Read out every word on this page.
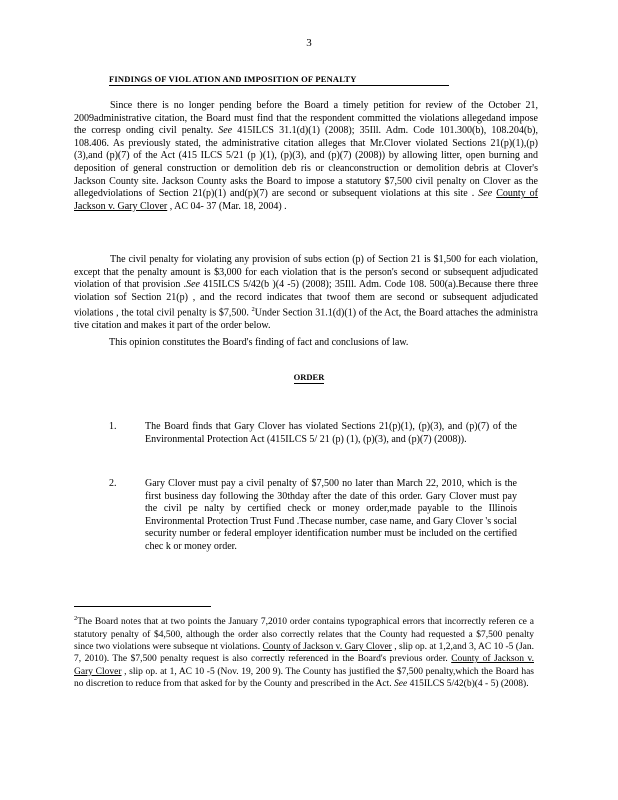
3
FINDINGS OF VIOL ATION AND IMPOSITION OF PENALTY
Since there is no longer pending before the Board a timely petition for review of the October 21, 2009administrative citation, the Board must find that the respondent committed the violations allegedand impose the corresp onding civil penalty. See 415ILCS 31.1(d)(1) (2008); 35Ill. Adm. Code 101.300(b), 108.204(b), 108.406. As previously stated, the administrative citation alleges that Mr.Clover violated Sections 21(p)(1),(p)(3),and (p)(7) of the Act (415 ILCS 5/21 (p )(1), (p)(3), and (p)(7) (2008)) by allowing litter, open burning and deposition of general construction or demolition deb ris or cleanconstruction or demolition debris at Clover's Jackson County site. Jackson County asks the Board to impose a statutory $7,500 civil penalty on Clover as the allegedviolations of Section 21(p)(1) and(p)(7) are second or subsequent violations at this site . See County of Jackson v. Gary Clover , AC 04- 37 (Mar. 18, 2004) .
The civil penalty for violating any provision of subs ection (p) of Section 21 is $1,500 for each violation, except that the penalty amount is $3,000 for each violation that is the person's second or subsequent adjudicated violation of that provision .See 415ILCS 5/42(b )(4 -5) (2008); 35Ill. Adm. Code 108. 500(a).Because there three violation sof Section 21(p) , and the record indicates that twoof them are second or subsequent adjudicated violations , the total civil penalty is $7,500. $^2$Under Section 31.1(d)(1) of the Act, the Board attaches the administra tive citation and makes it part of the order below.
This opinion constitutes the Board's finding of fact and conclusions of law.
ORDER
1.	The Board finds that Gary Clover has violated Sections 21(p)(1), (p)(3), and (p)(7) of the Environmental Protection Act (415ILCS 5/ 21 (p) (1), (p)(3), and (p)(7) (2008)).
2.	Gary Clover must pay a civil penalty of $7,500 no later than March 22, 2010, which is the first business day following the 30thday after the date of this order. Gary Clover must pay the civil pe nalty by certified check or money order,made payable to the Illinois Environmental Protection Trust Fund .Thecase number, case name, and Gary Clover 's social security number or federal employer identification number must be included on the certified chec k or money order.
$^2$The Board notes that at two points the January 7,2010 order contains typographical errors that incorrectly referen ce a statutory penalty of $4,500, although the order also correctly relates that the County had requested a $7,500 penalty since two violations were subseque nt violations. County of Jackson v. Gary Clover , slip op. at 1,2,and 3, AC 10 -5 (Jan. 7, 2010). The $7,500 penalty request is also correctly referenced in the Board's previous order. County of Jackson v. Gary Clover , slip op. at 1, AC 10 -5 (Nov. 19, 200 9). The County has justified the $7,500 penalty,which the Board has no discretion to reduce from that asked for by the County and prescribed in the Act. See 415ILCS 5/42(b)(4 - 5) (2008).
